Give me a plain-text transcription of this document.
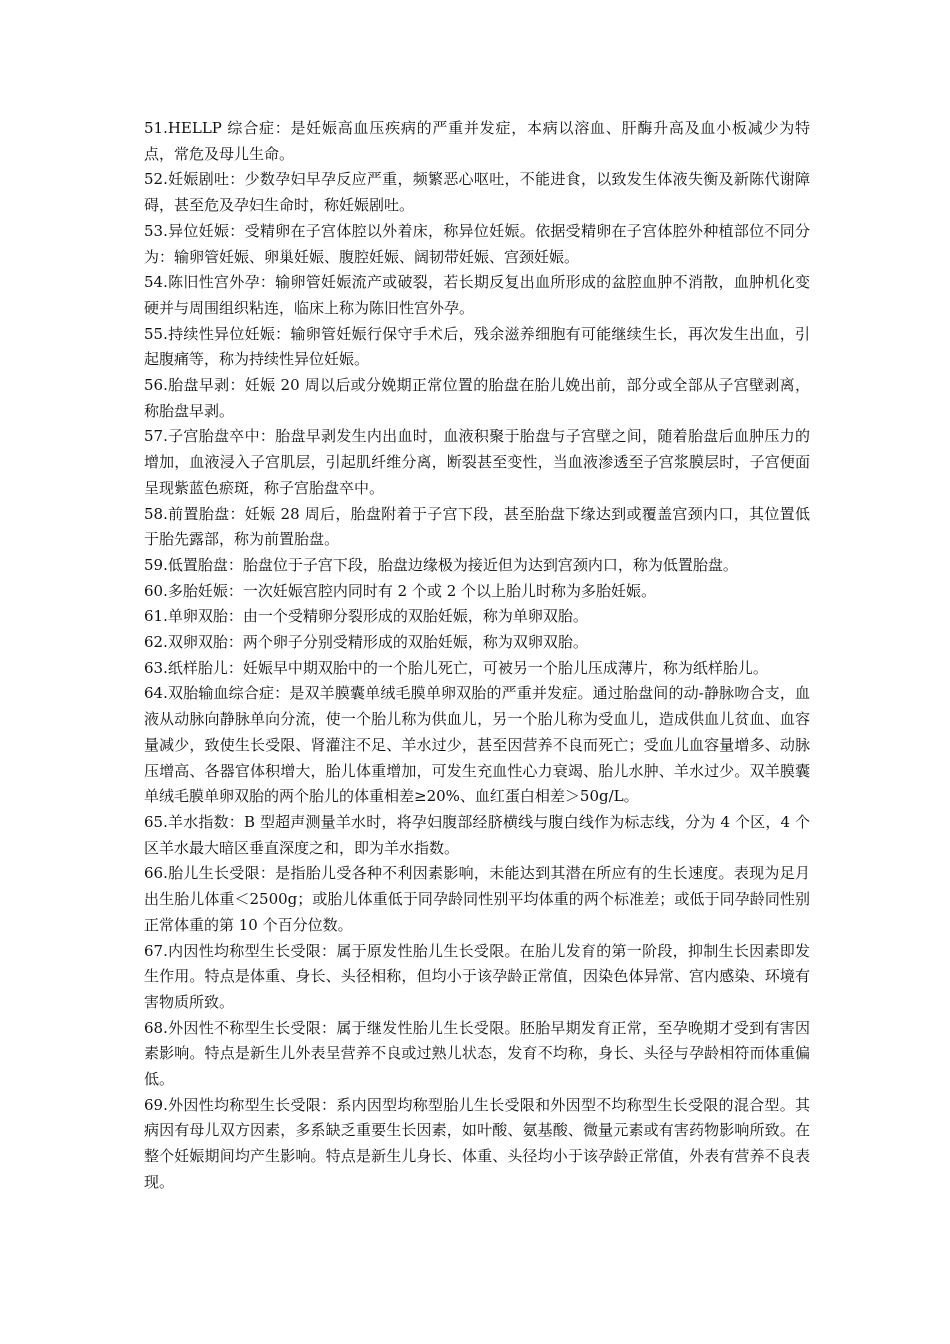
51.HELLP 综合症：是妊娠高血压疾病的严重并发症，本病以溶血、肝酶升高及血小板减少为特点，常危及母儿生命。

52.妊娠剧吐：少数孕妇早孕反应严重，频繁恶心呕吐，不能进食，以致发生体液失衡及新陈代谢障碍，甚至危及孕妇生命时，称妊娠剧吐。

53.异位妊娠：受精卵在子宫体腔以外着床，称异位妊娠。依据受精卵在子宫体腔外种植部位不同分为：输卵管妊娠、卵巢妊娠、腹腔妊娠、阔韧带妊娠、宫颈妊娠。

54.陈旧性宫外孕：输卵管妊娠流产或破裂，若长期反复出血所形成的盆腔血肿不消散，血肿机化变硬并与周围组织粘连，临床上称为陈旧性宫外孕。

55.持续性异位妊娠：输卵管妊娠行保守手术后，残余滋养细胞有可能继续生长，再次发生出血，引起腹痛等，称为持续性异位妊娠。

56.胎盘早剥：妊娠 20 周以后或分娩期正常位置的胎盘在胎儿娩出前，部分或全部从子宫壁剥离，称胎盘早剥。

57.子宫胎盘卒中：胎盘早剥发生内出血时，血液积聚于胎盘与子宫壁之间，随着胎盘后血肿压力的增加，血液浸入子宫肌层，引起肌纤维分离，断裂甚至变性，当血液渗透至子宫浆膜层时，子宫便面呈现紫蓝色瘀斑，称子宫胎盘卒中。

58.前置胎盘：妊娠 28 周后，胎盘附着于子宫下段，甚至胎盘下缘达到或覆盖宫颈内口，其位置低于胎先露部，称为前置胎盘。

59.低置胎盘：胎盘位于子宫下段，胎盘边缘极为接近但为达到宫颈内口，称为低置胎盘。

60.多胎妊娠：一次妊娠宫腔内同时有 2 个或 2 个以上胎儿时称为多胎妊娠。

61.单卵双胎：由一个受精卵分裂形成的双胎妊娠，称为单卵双胎。

62.双卵双胎：两个卵子分别受精形成的双胎妊娠，称为双卵双胎。

63.纸样胎儿：妊娠早中期双胎中的一个胎儿死亡，可被另一个胎儿压成薄片，称为纸样胎儿。

64.双胎输血综合症：是双羊膜囊单绒毛膜单卵双胎的严重并发症。通过胎盘间的动-静脉吻合支，血液从动脉向静脉单向分流，使一个胎儿称为供血儿，另一个胎儿称为受血儿，造成供血儿贫血、血容量减少，致使生长受限、肾灌注不足、羊水过少，甚至因营养不良而死亡；受血儿血容量增多、动脉压增高、各器官体积增大，胎儿体重增加，可发生充血性心力衰竭、胎儿水肿、羊水过少。双羊膜囊单绒毛膜单卵双胎的两个胎儿的体重相差≥20%、血红蛋白相差＞50g/L。

65.羊水指数：B 型超声测量羊水时，将孕妇腹部经脐横线与腹白线作为标志线，分为 4 个区，4 个区羊水最大暗区垂直深度之和，即为羊水指数。

66.胎儿生长受限：是指胎儿受各种不利因素影响，未能达到其潜在所应有的生长速度。表现为足月出生胎儿体重＜2500g；或胎儿体重低于同孕龄同性别平均体重的两个标准差；或低于同孕龄同性别正常体重的第 10 个百分位数。

67.内因性均称型生长受限：属于原发性胎儿生长受限。在胎儿发育的第一阶段，抑制生长因素即发生作用。特点是体重、身长、头径相称，但均小于该孕龄正常值，因染色体异常、宫内感染、环境有害物质所致。

68.外因性不称型生长受限：属于继发性胎儿生长受限。胚胎早期发育正常，至孕晚期才受到有害因素影响。特点是新生儿外表呈营养不良或过熟儿状态，发育不均称，身长、头径与孕龄相符而体重偏低。

69.外因性均称型生长受限：系内因型均称型胎儿生长受限和外因型不均称型生长受限的混合型。其病因有母儿双方因素，多系缺乏重要生长因素，如叶酸、氨基酸、微量元素或有害药物影响所致。在整个妊娠期间均产生影响。特点是新生儿身长、体重、头径均小于该孕龄正常值，外表有营养不良表现。
